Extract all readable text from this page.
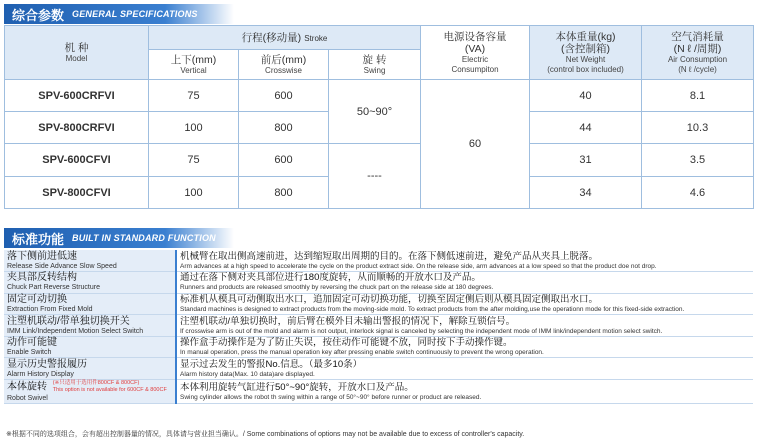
综合参数 GENERAL SPECIFICATIONS
机 种
Model	行程(移动量) Stroke			电源设备容量
(VA)
Electric
Consumpiton	本体重量(kg)
(含控制箱)
Net Weight
(control box included)	空气消耗量
(N ℓ /周期)
Air Consumption
(N ℓ /cycle)

	上下(mm)
Vertical	前后(mm)
Crosswise	旋 转
Swing			

SPV-600CRFVI	75	600	50~90°	60	40	8.1
SPV-800CRFVI	100	800			44	10.3
SPV-600CFVI	75	600	----		31	3.5
SPV-800CFVI	100	800			34	4.6
标准功能 BUILT IN STANDARD FUNCTION
落下侧前进低速
Release Side Advance Slow Speed	机械臂在取出侧高速前进，达到缩短取出周期的目的。在落下侧低速前进，避免产品从夹具上脱落。
Arm advances at a high speed to accelerate the cycle on the product extract side. On the release side, arm advances at a low speed so that the product doe not drop.

夹具部反转结构
Chuck Part Reverse Structure	通过在落下侧对夹具部位进行180度旋转，从而顺畅的开放水口及产品。
Runners and products are released smoothly by reversing the chuck part on the release side at 180 degrees.

固定可动切换
Extraction From Fixed Mold	标准机从模具可动侧取出水口，追加固定可动切换功能，切换至固定侧后则从模具固定侧取出水口。
Standard machines is designed to extract products from the moving-side mold. To extract products from the after molding,use the operationn mode for this fixed-side extraction.

注塑机联动/带单独切换开关
IMM Link/Independent Motion Select Switch	注塑机联动/单独切换时，前后臂在模外目未输出警报的情况下，解除互锁信号。
If crosswise arm is out of the mold and alarm is not output, interlock signal is canceled by selecting the independent mode of IMM link/independent motion select switch.

动作可能键
Enable Switch	操作盒手动操作是为了防止失误，按住动作可能键不放，同时按下手动操作键。
In manual operation, press the manual operation key after pressing enable switch continuously to prevent the wrong operation.

显示历史警报履历
Alarm History Display	显示过去发生的警报No.信息。（最多10条）
Alarm history data(Max. 10 data)are displayed.

本体旋转 (※只适用于选用件800CF & 800CF)
This option is not available for 600CF & 800CF
Robot Swivel	本体利用旋转气缸进行50°~90°旋转，开放水口及产品。
Swing cylinder allows the robot th swing within a range of 50°~90° before runner or product are released.
※根据不同的选项组合，会有超出控制器量的情况，具体请与营业担当确认。/ Some combinations of options may not be available due to excess of controller's capacity.
